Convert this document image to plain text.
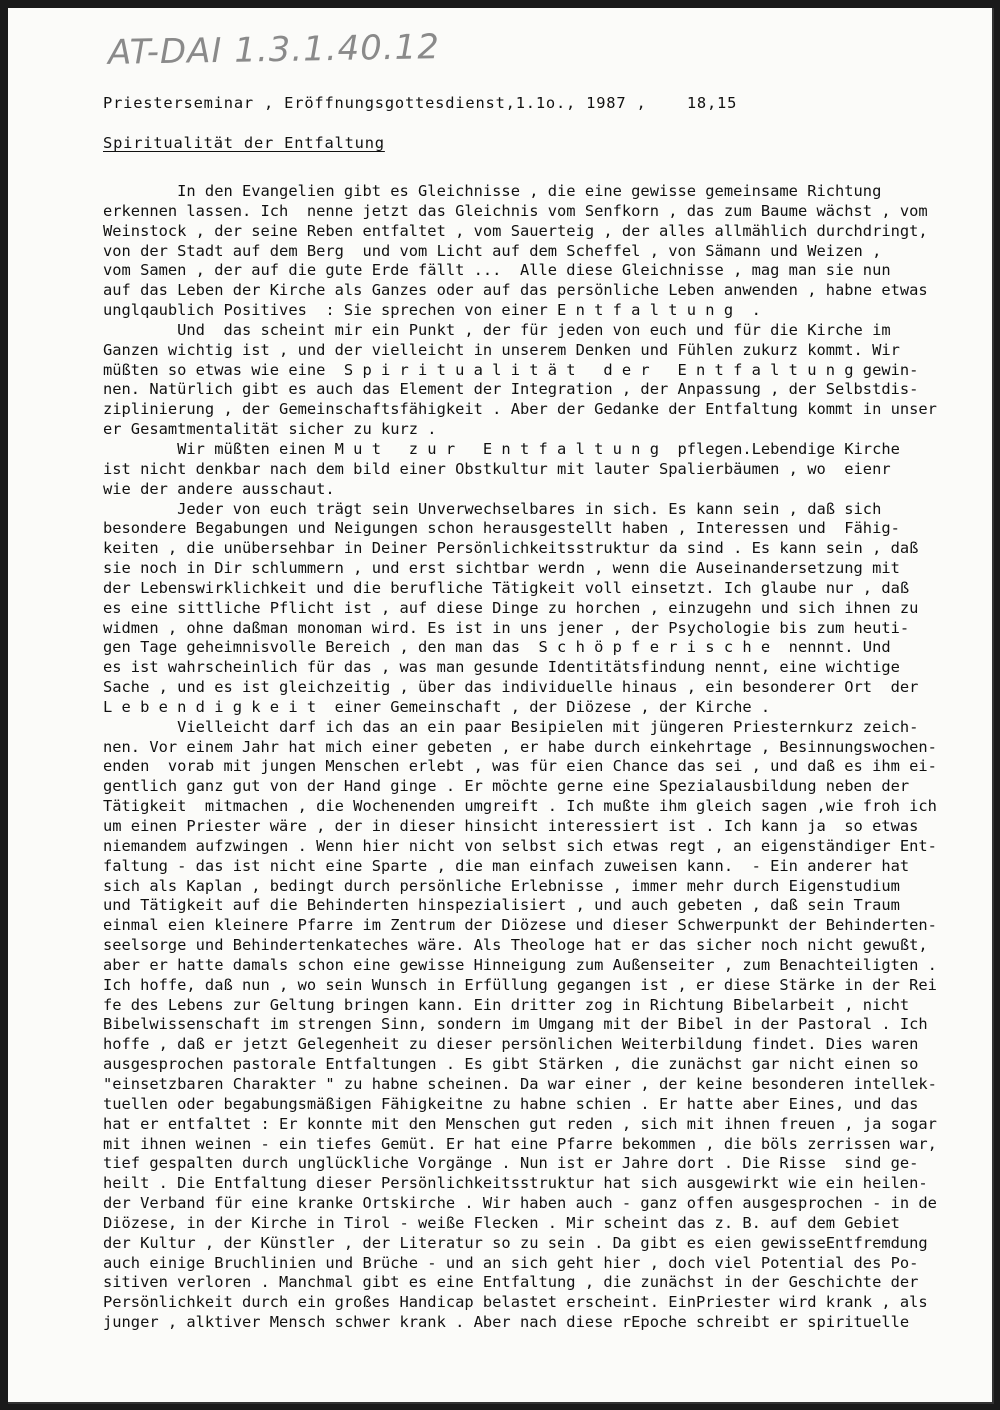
AT-DAI 1.3.1.40.12
Priesterseminar , Eröffnungsgottesdienst,1.1o., 1987 ,    18,15
Spiritualität der Entfaltung
In den Evangelien gibt es Gleichnisse , die eine gewisse gemeinsame Richtung
erkennen lassen. Ich  nenne jetzt das Gleichnis vom Senfkorn , das zum Baume wächst , vom
Weinstock , der seine Reben entfaltet , vom Sauerteig , der alles allmählich durchdringt,
von der Stadt auf dem Berg  und vom Licht auf dem Scheffel , von Sämann und Weizen ,
vom Samen , der auf die gute Erde fällt ...  Alle diese Gleichnisse , mag man sie nun
auf das Leben der Kirche als Ganzes oder auf das persönliche Leben anwenden , habne etwas
unglqaublich Positives  : Sie sprechen von einer E n t f a l t u n g  .
Und  das scheint mir ein Punkt , der für jeden von euch und für die Kirche im
Ganzen wichtig ist , und der vielleicht in unserem Denken und Fühlen zukurz kommt. Wir
müßten so etwas wie eine  S p i r i t u a l i t ä t   d e r   E n t f a l t u n g gewin-
nen. Natürlich gibt es auch das Element der Integration , der Anpassung , der Selbstdis-
ziplinierung , der Gemeinschaftsfähigkeit . Aber der Gedanke der Entfaltung kommt in unser
er Gesamtmentalität sicher zu kurz .
Wir müßten einen M u t   z u r   E n t f a l t u n g  pflegen.Lebendige Kirche
ist nicht denkbar nach dem bild einer Obstkultur mit lauter Spalierbäumen , wo  eienr
wie der andere ausschaut.
Jeder von euch trägt sein Unverwechselbares in sich. Es kann sein , daß sich
besondere Begabungen und Neigungen schon herausgestellt haben , Interessen und  Fähig-
keiten , die unübersehbar in Deiner Persönlichkeitsstruktur da sind . Es kann sein , daß
sie noch in Dir schlummern , und erst sichtbar werdn , wenn die Auseinandersetzung mit
der Lebenswirklichkeit und die berufliche Tätigkeit voll einsetzt. Ich glaube nur , daß
es eine sittliche Pflicht ist , auf diese Dinge zu horchen , einzugehn und sich ihnen zu
widmen , ohne daßman monoman wird. Es ist in uns jener , der Psychologie bis zum heuti-
gen Tage geheimnisvolle Bereich , den man das  S c h ö p f e r i s c h e  nennnt. Und
es ist wahrscheinlich für das , was man gesunde Identitätsfindung nennt, eine wichtige
Sache , und es ist gleichzeitig , über das individuelle hinaus , ein besonderer Ort  der
L e b e n d i g k e i t  einer Gemeinschaft , der Diözese , der Kirche .
Vielleicht darf ich das an ein paar Besipielen mit jüngeren Priesternkurz zeich-
nen. Vor einem Jahr hat mich einer gebeten , er habe durch einkehrtage , Besinnungswochen-
enden  vorab mit jungen Menschen erlebt , was für eien Chance das sei , und daß es ihm ei-
gentlich ganz gut von der Hand ginge . Er möchte gerne eine Spezialausbildung neben der
Tätigkeit  mitmachen , die Wochenenden umgreift . Ich mußte ihm gleich sagen ,wie froh ich
um einen Priester wäre , der in dieser hinsicht interessiert ist . Ich kann ja  so etwas
niemandem aufzwingen . Wenn hier nicht von selbst sich etwas regt , an eigenständiger Ent-
faltung - das ist nicht eine Sparte , die man einfach zuweisen kann.  - Ein anderer hat
sich als Kaplan , bedingt durch persönliche Erlebnisse , immer mehr durch Eigenstudium
und Tätigkeit auf die Behinderten hinspezialisiert , und auch gebeten , daß sein Traum
einmal eien kleinere Pfarre im Zentrum der Diözese und dieser Schwerpunkt der Behinderten-
seelsorge und Behindertenkateches wäre. Als Theologe hat er das sicher noch nicht gewußt,
aber er hatte damals schon eine gewisse Hinneigung zum Außenseiter , zum Benachteiligten .
Ich hoffe, daß nun , wo sein Wunsch in Erfüllung gegangen ist , er diese Stärke in der Rei
fe des Lebens zur Geltung bringen kann. Ein dritter zog in Richtung Bibelarbeit , nicht
Bibelwissenschaft im strengen Sinn, sondern im Umgang mit der Bibel in der Pastoral . Ich
hoffe , daß er jetzt Gelegenheit zu dieser persönlichen Weiterbildung findet. Dies waren
ausgesprochen pastorale Entfaltungen . Es gibt Stärken , die zunächst gar nicht einen so
"einsetzbaren Charakter " zu habne scheinen. Da war einer , der keine besonderen intellek-
tuellen oder begabungsmäßigen Fähigkeitne zu habne schien . Er hatte aber Eines, und das
hat er entfaltet : Er konnte mit den Menschen gut reden , sich mit ihnen freuen , ja sogar
mit ihnen weinen - ein tiefes Gemüt. Er hat eine Pfarre bekommen , die böls zerrissen war,
tief gespalten durch unglückliche Vorgänge . Nun ist er Jahre dort . Die Risse  sind ge-
heilt . Die Entfaltung dieser Persönlichkeitsstruktur hat sich ausgewirkt wie ein heilen-
der Verband für eine kranke Ortskirche . Wir haben auch - ganz offen ausgesprochen - in de
Diözese, in der Kirche in Tirol - weiße Flecken . Mir scheint das z. B. auf dem Gebiet
der Kultur , der Künstler , der Literatur so zu sein . Da gibt es eien gewisseEntfremdung
auch einige Bruchlinien und Brüche - und an sich geht hier , doch viel Potential des Po-
sitiven verloren . Manchmal gibt es eine Entfaltung , die zunächst in der Geschichte der
Persönlichkeit durch ein großes Handicap belastet erscheint. EinPriester wird krank , als
junger , alktiver Mensch schwer krank . Aber nach diese rEpoche schreibt er spirituelle
